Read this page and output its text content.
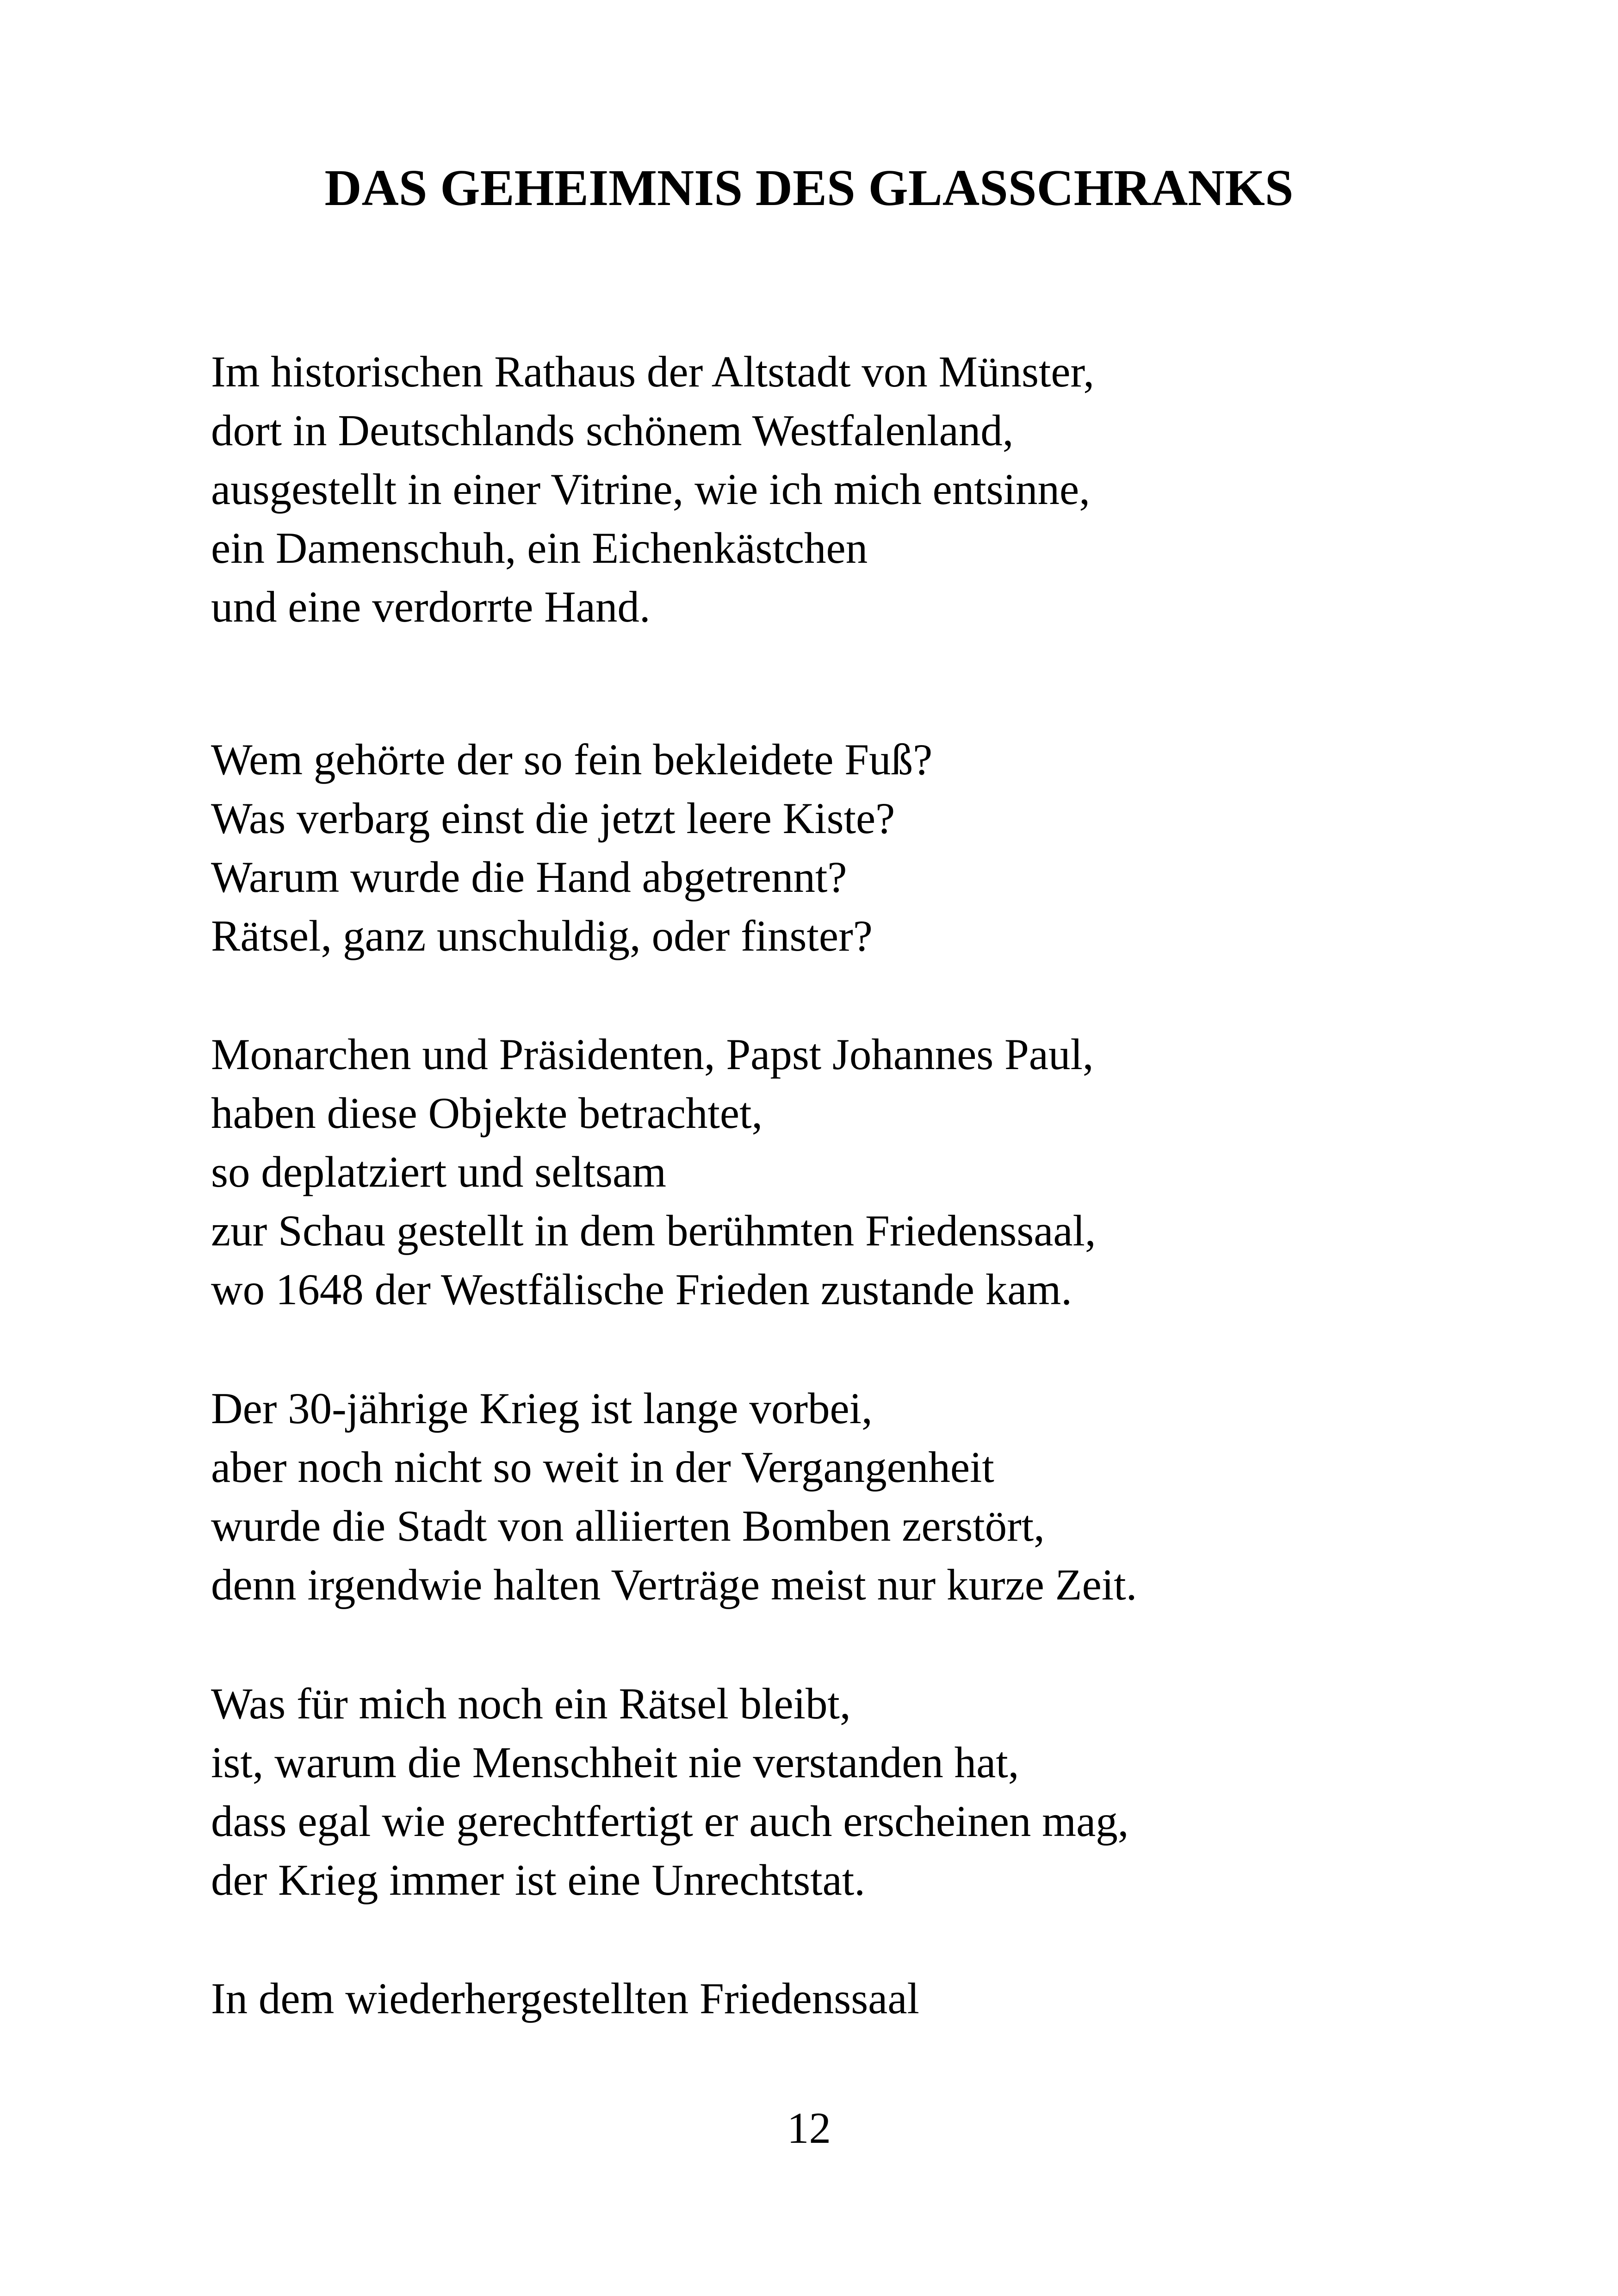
DAS GEHEIMNIS DES GLASSCHRANKS

Im historischen Rathaus der Altstadt von Münster,

dort in Deutschlands schönem Westfalenland,

ausgestellt in einer Vitrine, wie ich mich entsinne,

ein Damenschuh, ein Eichenkästchen

und eine verdorrte Hand.

Wem gehörte der so fein bekleidete Fuß?

Was verbarg einst die jetzt leere Kiste?

Warum wurde die Hand abgetrennt?

Rätsel, ganz unschuldig, oder finster?

Monarchen und Präsidenten, Papst Johannes Paul,

haben diese Objekte betrachtet,

so deplatziert und seltsam

zur Schau gestellt in dem berühmten Friedenssaal,

wo 1648 der Westfälische Frieden zustande kam.

Der 30-jährige Krieg ist lange vorbei,

aber noch nicht so weit in der Vergangenheit

wurde die Stadt von alliierten Bomben zerstört,

denn irgendwie halten Verträge meist nur kurze Zeit.

Was für mich noch ein Rätsel bleibt,

ist, warum die Menschheit nie verstanden hat,

dass egal wie gerechtfertigt er auch erscheinen mag,

der Krieg immer ist eine Unrechtstat.

In dem wiederhergestellten Friedenssaal

12
